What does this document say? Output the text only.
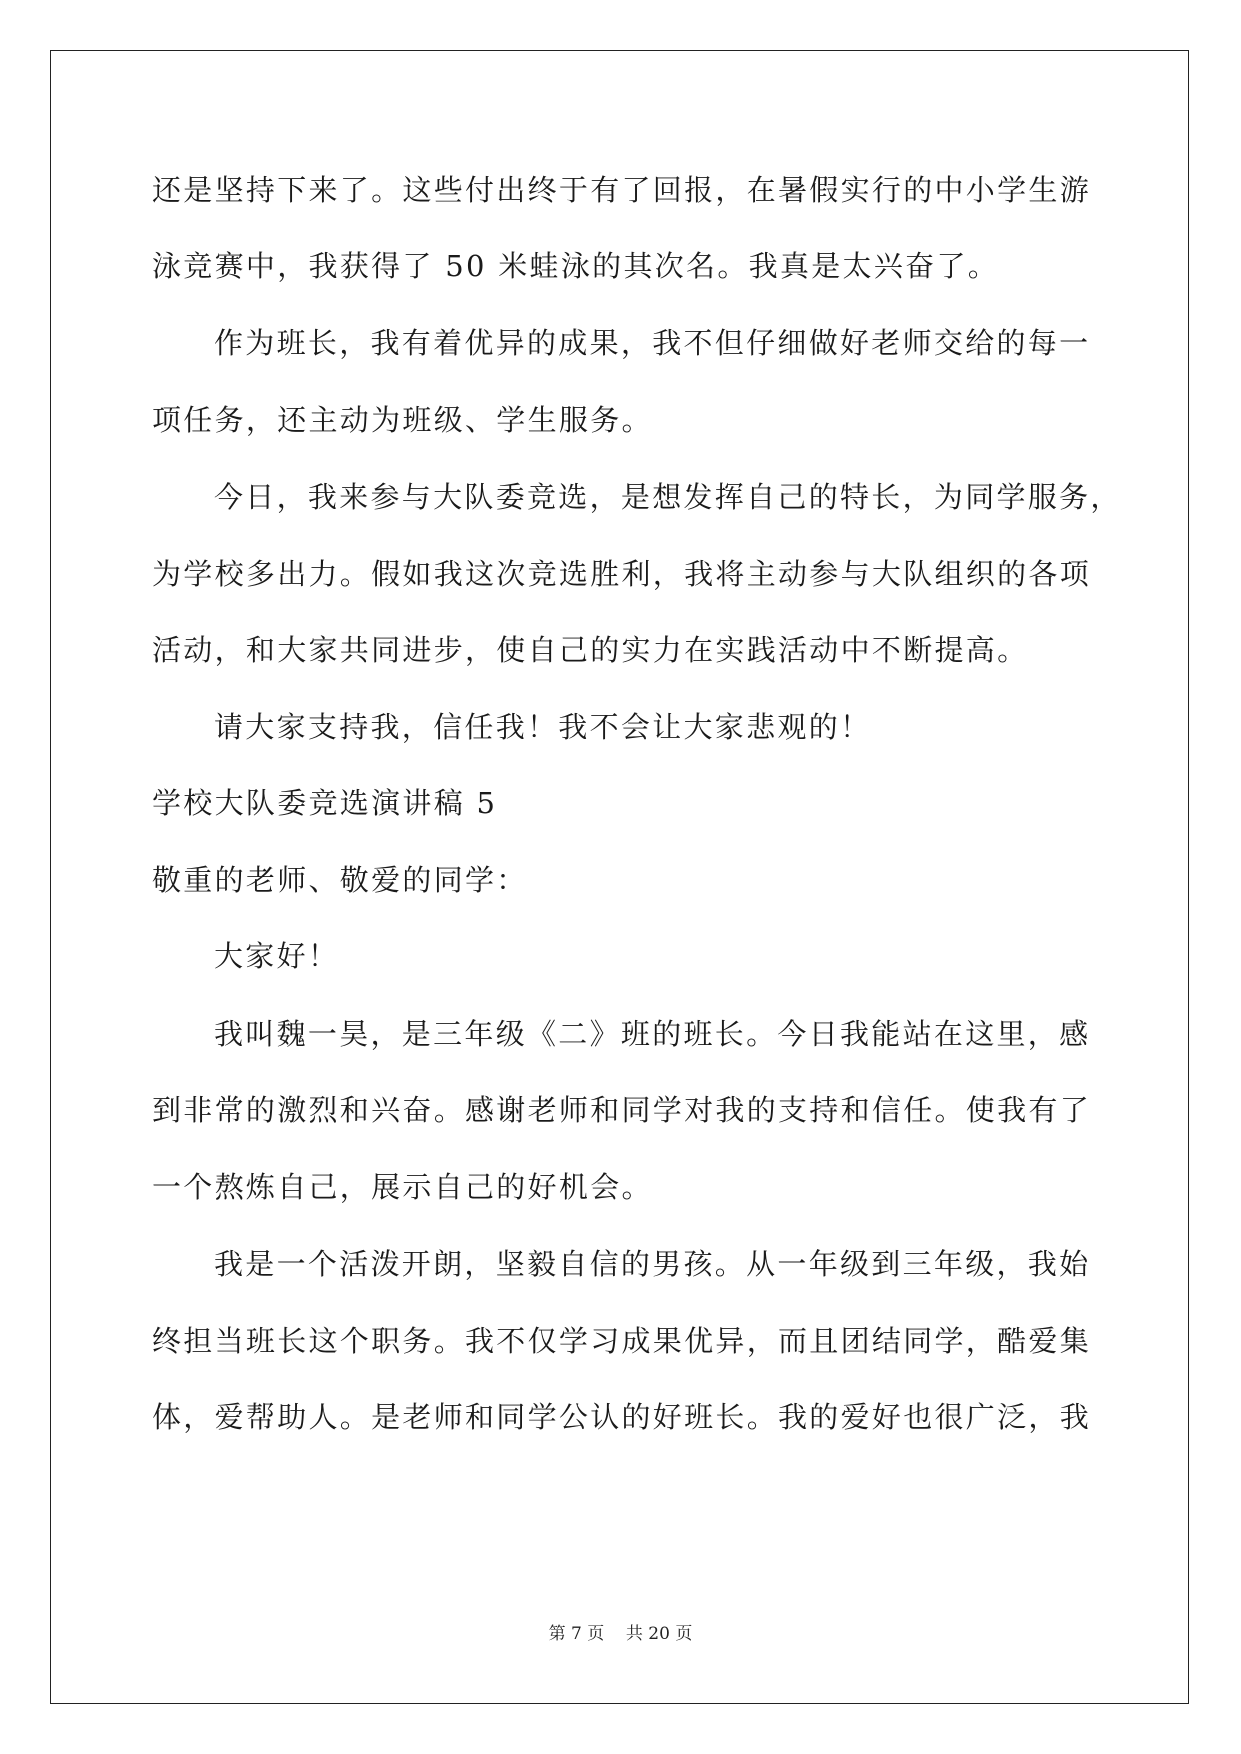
还是坚持下来了。这些付出终于有了回报，在暑假实行的中小学生游
泳竞赛中，我获得了 50 米蛙泳的其次名。我真是太兴奋了。
作为班长，我有着优异的成果，我不但仔细做好老师交给的每一
项任务，还主动为班级、学生服务。
今日，我来参与大队委竞选，是想发挥自己的特长，为同学服务，
为学校多出力。假如我这次竞选胜利，我将主动参与大队组织的各项
活动，和大家共同进步，使自己的实力在实践活动中不断提高。
请大家支持我，信任我！我不会让大家悲观的！
学校大队委竞选演讲稿 5
敬重的老师、敬爱的同学：
大家好！
我叫魏一昊，是三年级《二》班的班长。今日我能站在这里，感
到非常的激烈和兴奋。感谢老师和同学对我的支持和信任。使我有了
一个熬炼自己，展示自己的好机会。
我是一个活泼开朗，坚毅自信的男孩。从一年级到三年级，我始
终担当班长这个职务。我不仅学习成果优异，而且团结同学，酷爱集
体，爱帮助人。是老师和同学公认的好班长。我的爱好也很广泛，我
第 7 页 共 20 页
